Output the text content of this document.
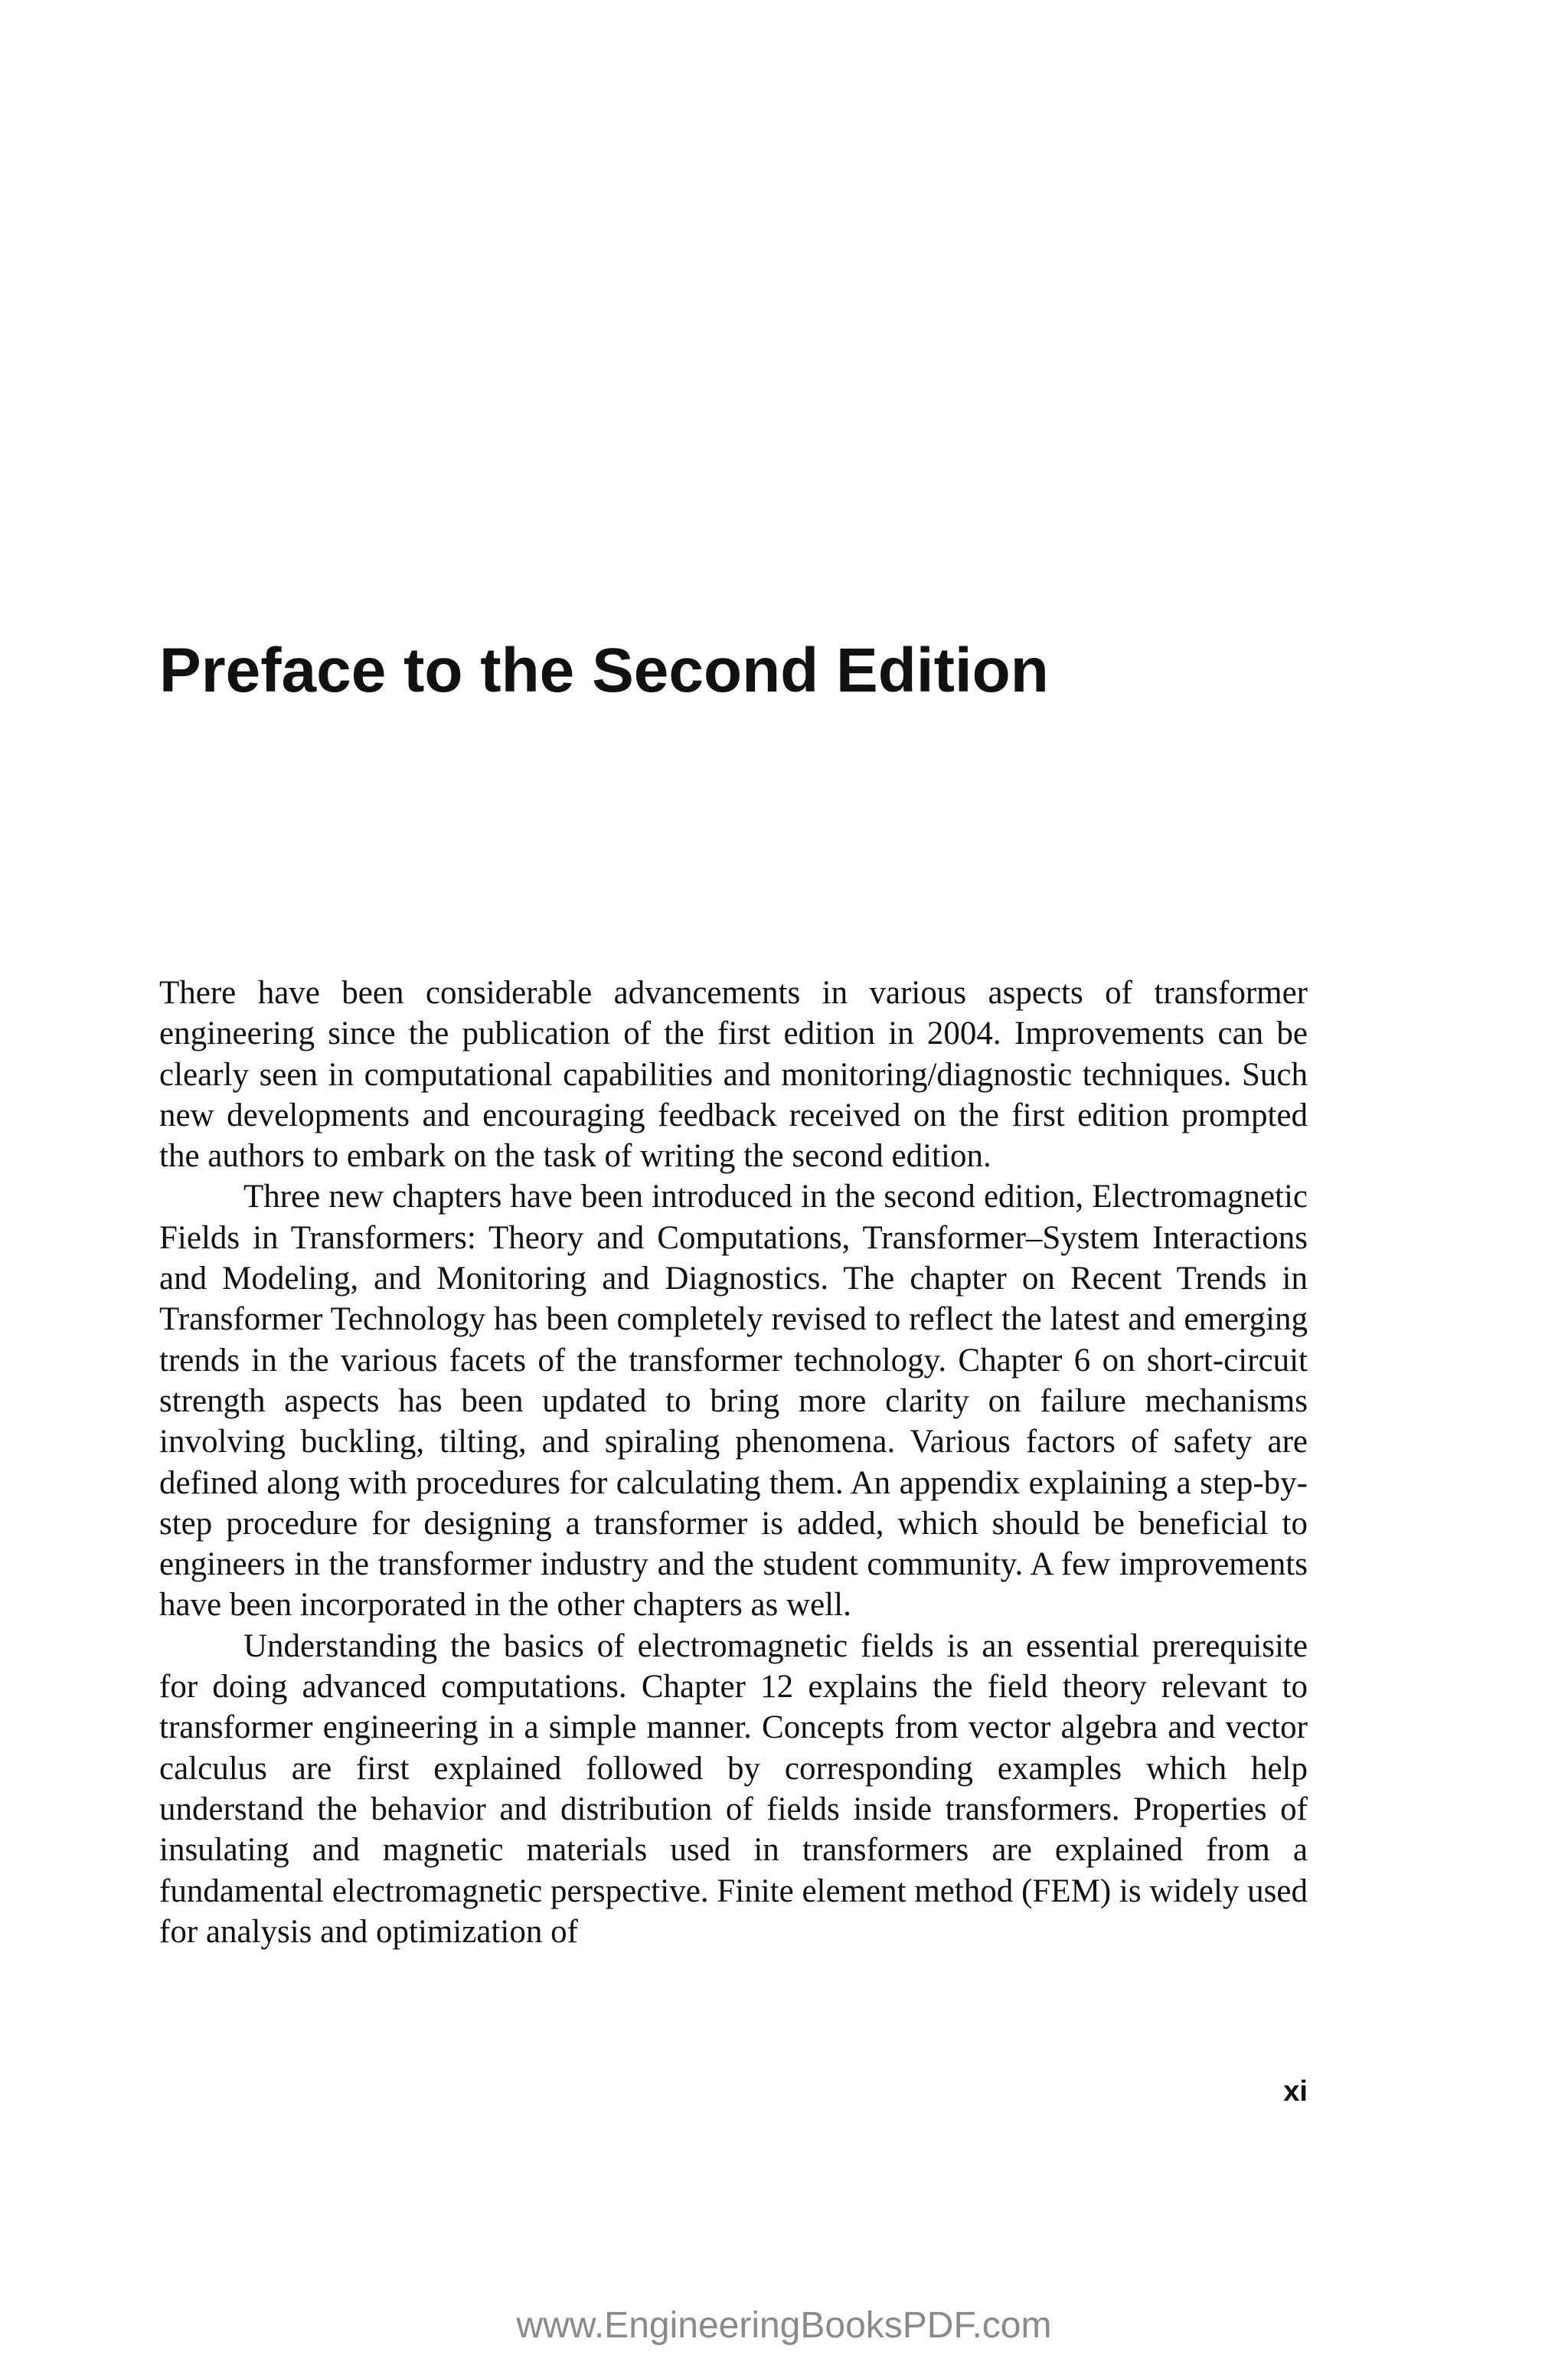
Preface to the Second Edition

There have been considerable advancements in various aspects of transformer engineering since the publication of the first edition in 2004. Improvements can be clearly seen in computational capabilities and monitoring/diagnostic techniques. Such new developments and encouraging feedback received on the first edition prompted the authors to embark on the task of writing the second edition.

Three new chapters have been introduced in the second edition, Electromagnetic Fields in Transformers: Theory and Computations, Transformer–System Interactions and Modeling, and Monitoring and Diagnostics. The chapter on Recent Trends in Transformer Technology has been completely revised to reflect the latest and emerging trends in the various facets of the transformer technology. Chapter 6 on short-circuit strength aspects has been updated to bring more clarity on failure mechanisms involving buckling, tilting, and spiraling phenomena. Various factors of safety are defined along with procedures for calculating them. An appendix explaining a step-by-step procedure for designing a transformer is added, which should be beneficial to engineers in the transformer industry and the student community. A few improvements have been incorporated in the other chapters as well.

Understanding the basics of electromagnetic fields is an essential prerequisite for doing advanced computations. Chapter 12 explains the field theory relevant to transformer engineering in a simple manner. Concepts from vector algebra and vector calculus are first explained followed by corresponding examples which help understand the behavior and distribution of fields inside transformers. Properties of insulating and magnetic materials used in transformers are explained from a fundamental electromagnetic perspective. Finite element method (FEM) is widely used for analysis and optimization of

xi
www.EngineeringBooksPDF.com
